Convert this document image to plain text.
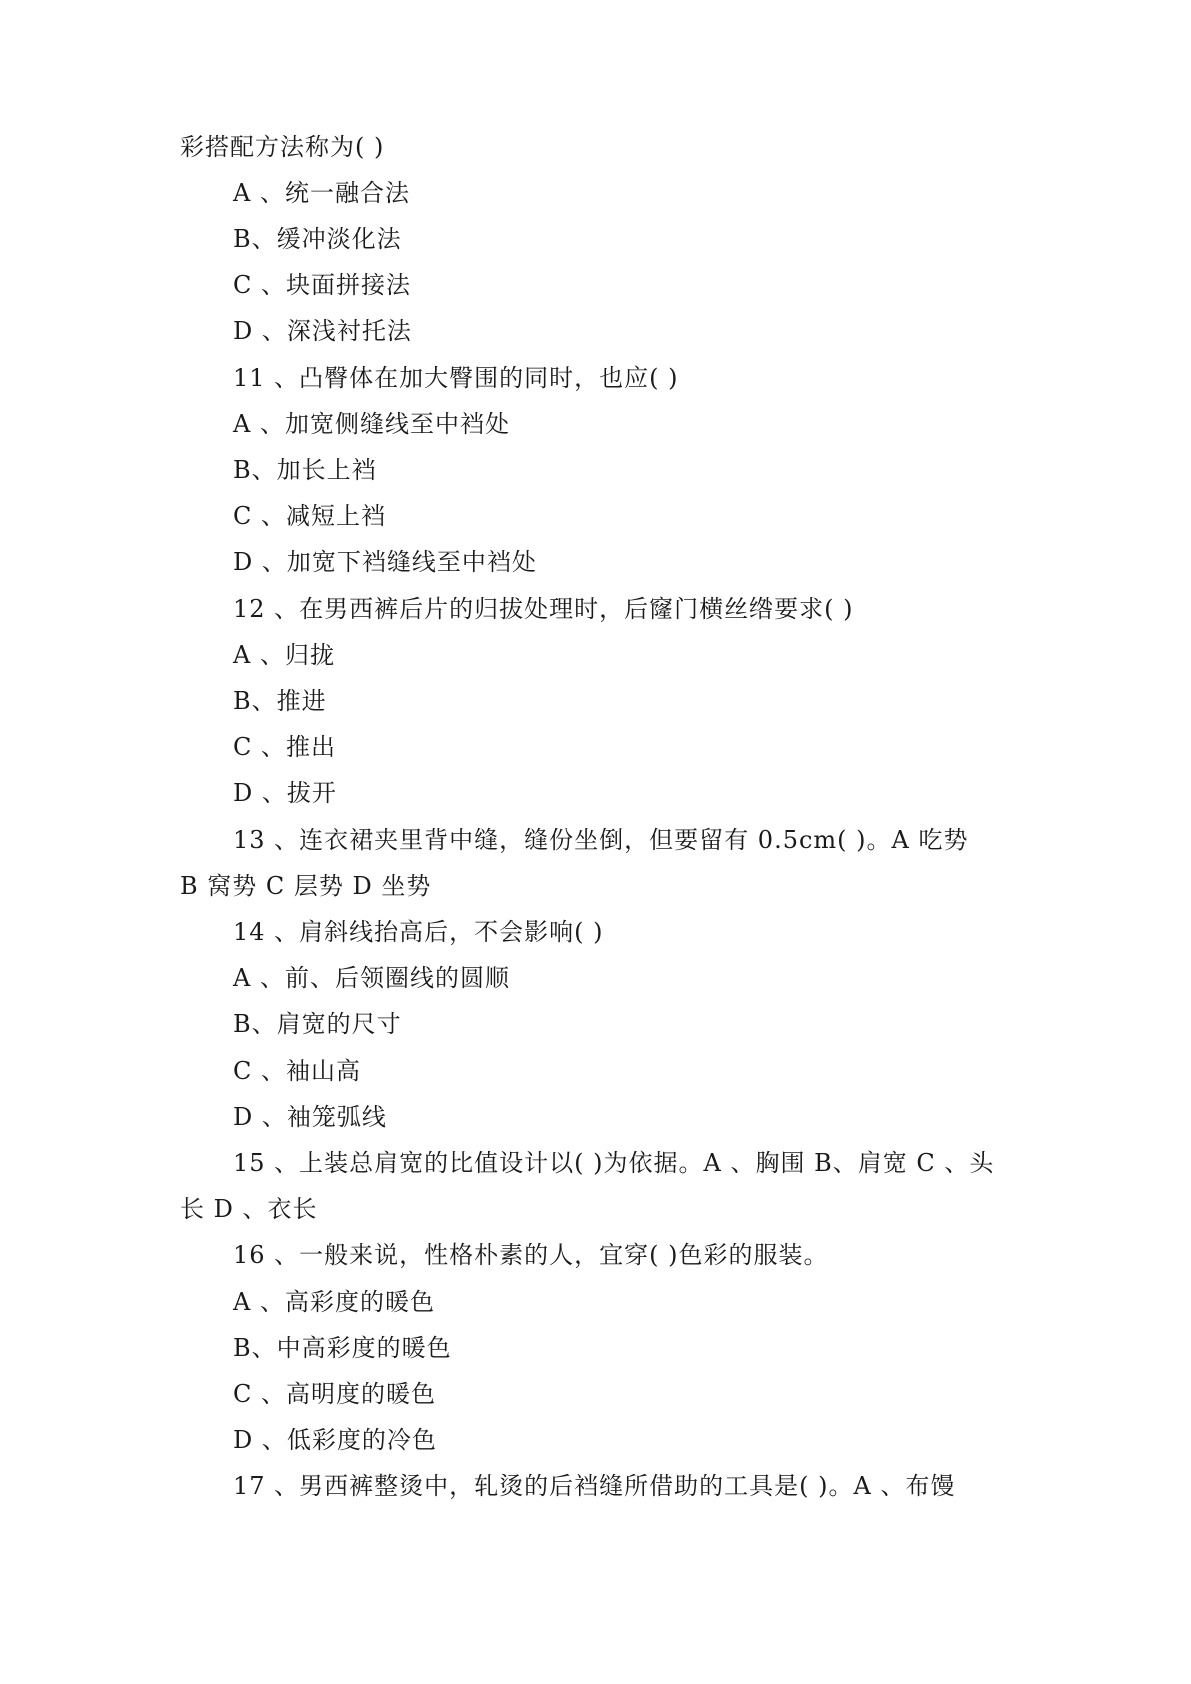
彩搭配方法称为( )
A 、统一融合法
B、缓冲淡化法
C 、块面拼接法
D 、深浅衬托法
11 、凸臀体在加大臀围的同时，也应( )
A 、加宽侧缝线至中裆处
B、加长上裆
C 、减短上裆
D 、加宽下裆缝线至中裆处
12 、在男西裤后片的归拔处理时，后窿门横丝绺要求( )
A 、归拢
B、推进
C 、推出
D 、拔开
13 、连衣裙夹里背中缝，缝份坐倒，但要留有 0.5cm( )。A 吃势
B 窝势 C 层势 D 坐势
14 、肩斜线抬高后，不会影响( )
A 、前、后领圈线的圆顺
B、肩宽的尺寸
C 、袖山高
D 、袖笼弧线
15 、上装总肩宽的比值设计以( )为依据。A 、胸围 B、肩宽 C 、头
长 D 、衣长
16 、一般来说，性格朴素的人，宜穿( )色彩的服装。
A 、高彩度的暖色
B、中高彩度的暖色
C 、高明度的暖色
D 、低彩度的冷色
17 、男西裤整烫中，轧烫的后裆缝所借助的工具是( )。A 、布馒
